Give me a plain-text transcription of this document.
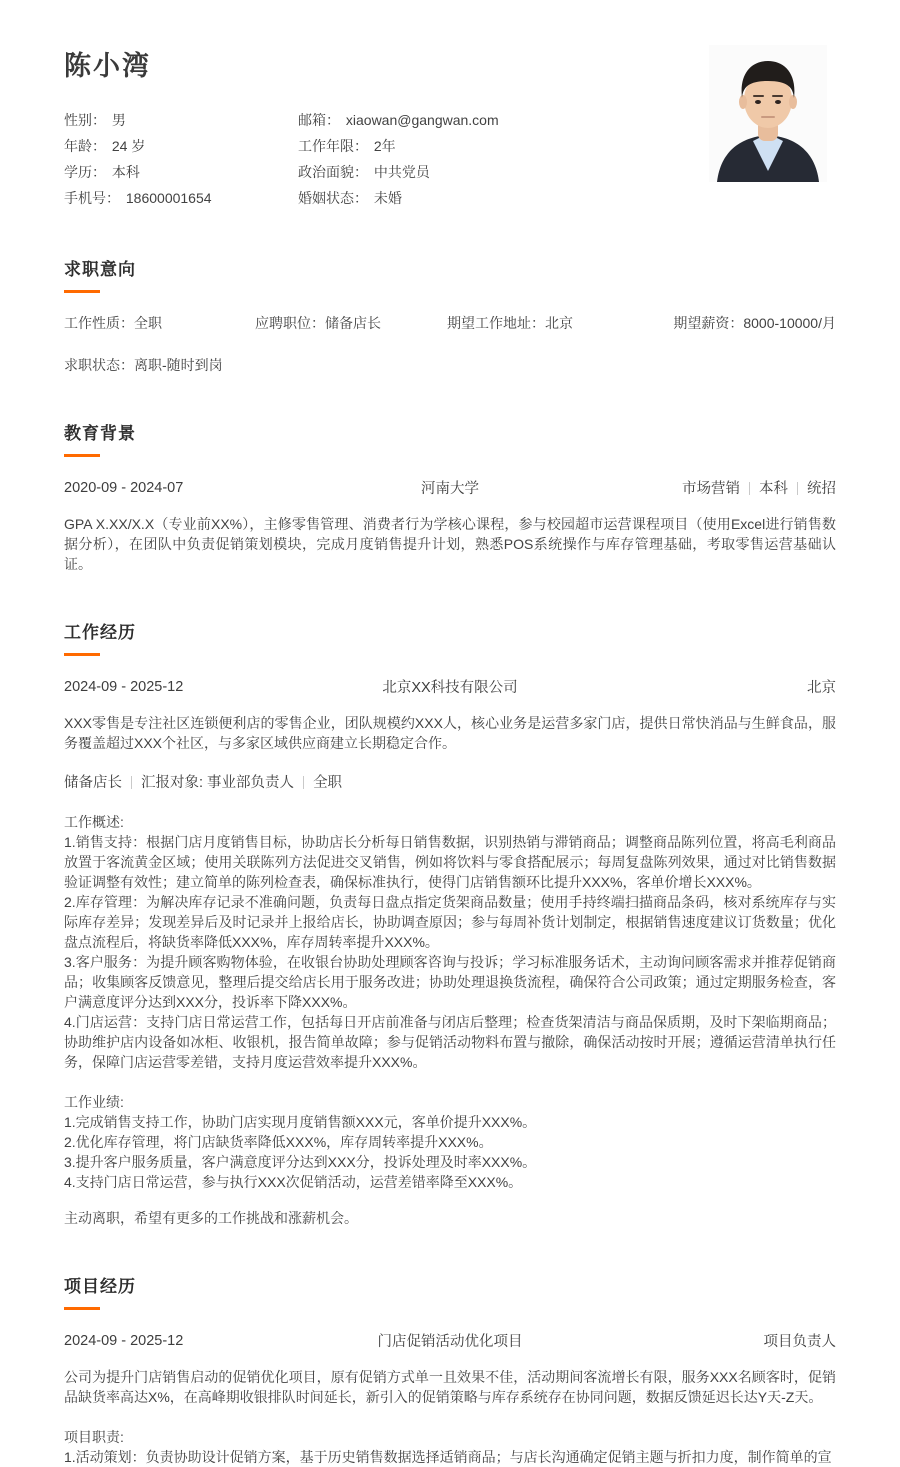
陈小湾
性别： 男
年龄： 24 岁
学历： 本科
手机号： 18600001654
邮箱： xiaowan@gangwan.com
工作年限： 2年
政治面貌： 中共党员
婚姻状态： 未婚
求职意向
工作性质：全职	应聘职位：储备店长	期望工作地址：北京	期望薪资：8000-10000/月
求职状态：离职-随时到岗
教育背景
2020-09 - 2024-07	河南大学	市场营销 本科 统招

GPA X.XX/X.X（专业前XX%），主修零售管理、消费者行为学核心课程，参与校园超市运营课程项目（使用Excel进行销售数据分析），在团队中负责促销策划模块，完成月度销售提升计划，熟悉POS系统操作与库存管理基础，考取零售运营基础认证。

工作经历
2024-09 - 2025-12	北京XX科技有限公司	北京

XXX零售是专注社区连锁便利店的零售企业，团队规模约XXX人，核心业务是运营多家门店，提供日常快消品与生鲜食品，服务覆盖超过XXX个社区，与多家区域供应商建立长期稳定合作。

储备店长 汇报对象: 事业部负责人 全职

工作概述:

1.销售支持：根据门店月度销售目标，协助店长分析每日销售数据，识别热销与滞销商品；调整商品陈列位置，将高毛利商品放置于客流黄金区域；使用关联陈列方法促进交叉销售，例如将饮料与零食搭配展示；每周复盘陈列效果，通过对比销售数据验证调整有效性；建立简单的陈列检查表，确保标准执行，使得门店销售额环比提升XXX%，客单价增长XXX%。

2.库存管理：为解决库存记录不准确问题，负责每日盘点指定货架商品数量；使用手持终端扫描商品条码，核对系统库存与实际库存差异；发现差异后及时记录并上报给店长，协助调查原因；参与每周补货计划制定，根据销售速度建议订货数量；优化盘点流程后，将缺货率降低XXX%，库存周转率提升XXX%。

3.客户服务：为提升顾客购物体验，在收银台协助处理顾客咨询与投诉；学习标准服务话术，主动询问顾客需求并推荐促销商品；收集顾客反馈意见，整理后提交给店长用于服务改进；协助处理退换货流程，确保符合公司政策；通过定期服务检查，客户满意度评分达到XXX分，投诉率下降XXX%。

4.门店运营：支持门店日常运营工作，包括每日开店前准备与闭店后整理；检查货架清洁与商品保质期，及时下架临期商品；协助维护店内设备如冰柜、收银机，报告简单故障；参与促销活动物料布置与撤除，确保活动按时开展；遵循运营清单执行任务，保障门店运营零差错，支持月度运营效率提升XXX%。

工作业绩:

1.完成销售支持工作，协助门店实现月度销售额XXX元，客单价提升XXX%。

2.优化库存管理，将门店缺货率降低XXX%，库存周转率提升XXX%。

3.提升客户服务质量，客户满意度评分达到XXX分，投诉处理及时率XXX%。

4.支持门店日常运营，参与执行XXX次促销活动，运营差错率降至XXX%。

主动离职，希望有更多的工作挑战和涨薪机会。

项目经历
2024-09 - 2025-12	门店促销活动优化项目	项目负责人

公司为提升门店销售启动的促销优化项目，原有促销方式单一且效果不佳，活动期间客流增长有限，服务XXX名顾客时，促销品缺货率高达X%，在高峰期收银排队时间延长，新引入的促销策略与库存系统存在协同问题，数据反馈延迟长达Y天-Z天。

项目职责:

1.活动策划：负责协助设计促销方案，基于历史销售数据选择适销商品；与店长沟通确定促销主题与折扣力度，制作简单的宣
